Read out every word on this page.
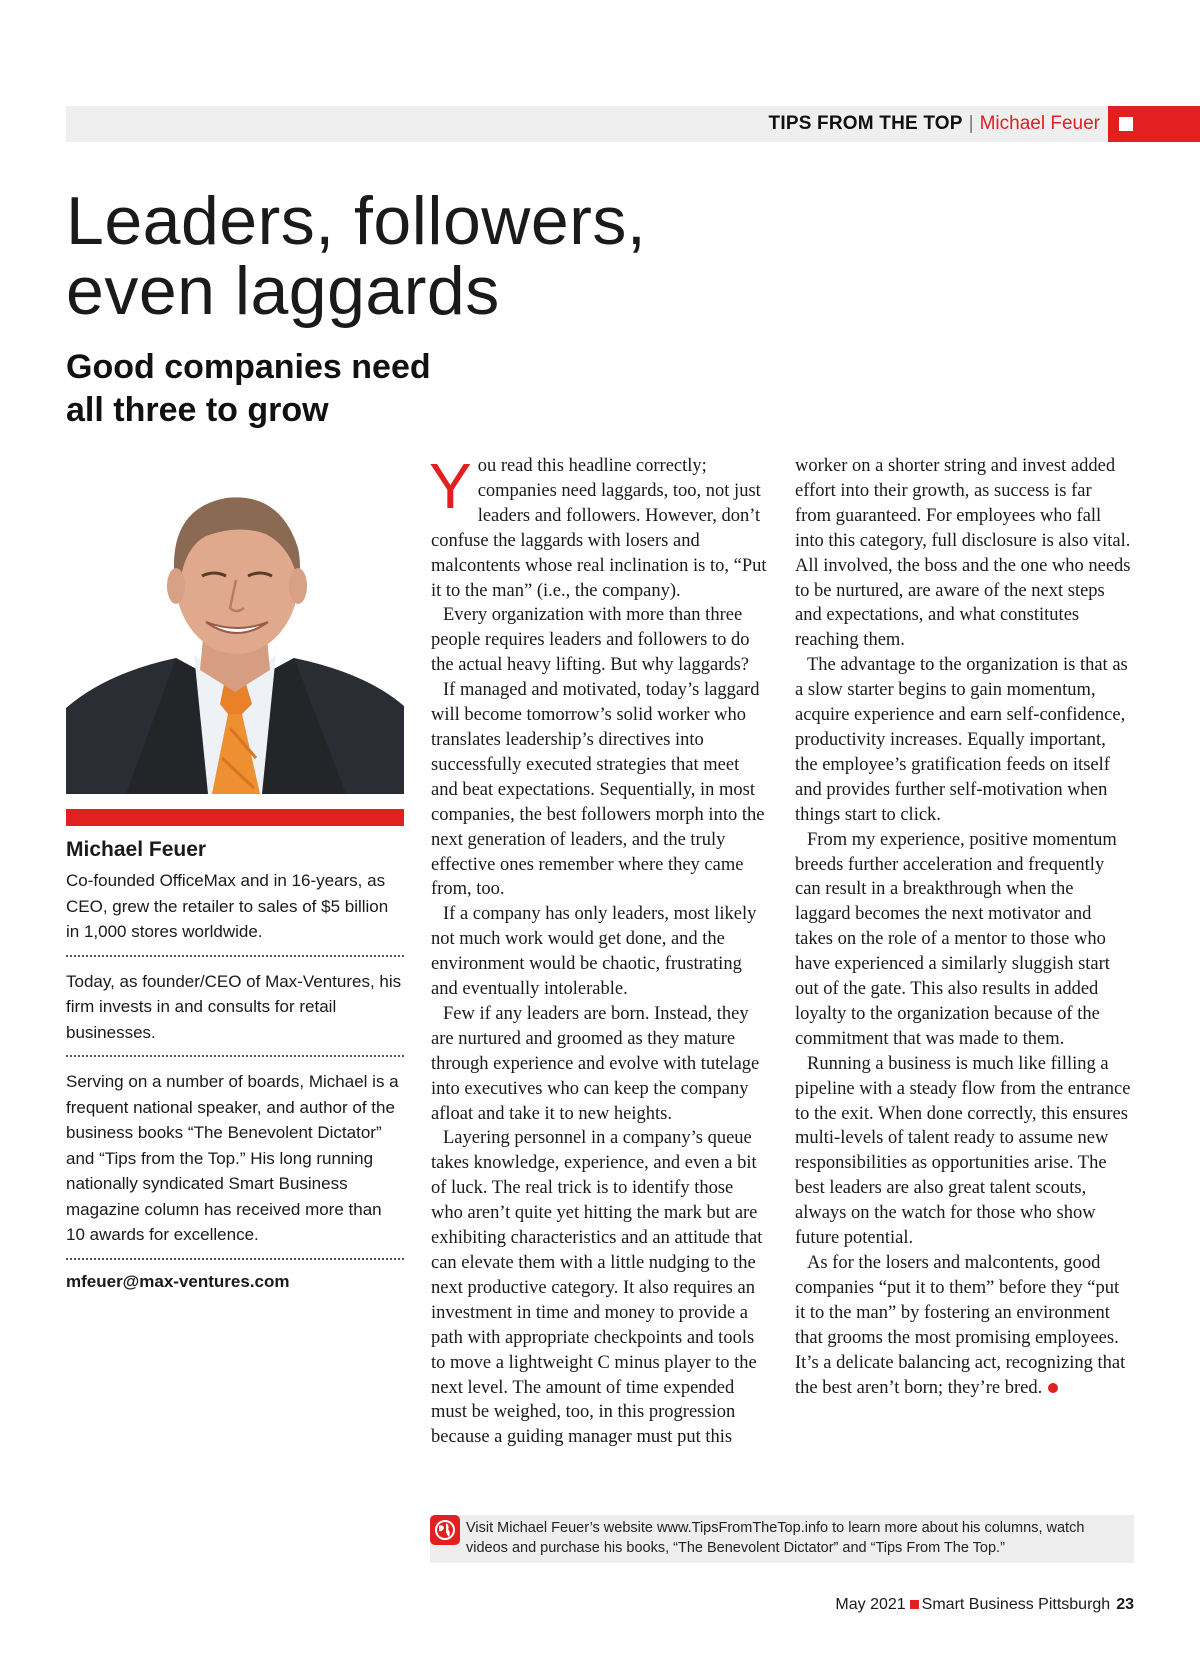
TIPS FROM THE TOP | Michael Feuer
Leaders, followers,
even laggards
Good companies need
all three to grow

Michael Feuer

Co-founded OfficeMax and in 16-years, as CEO, grew the retailer to sales of $5 billion in 1,000 stores worldwide.

Today, as founder/CEO of Max-Ventures, his firm invests in and consults for retail businesses.

Serving on a number of boards, Michael is a frequent national speaker, and author of the business books “The Benevolent Dictator” and “Tips from the Top.” His long running nationally syndicated Smart Business magazine column has received more than 10 awards for excellence.

mfeuer@max-ventures.com

You read this headline correctly; companies need laggards, too, not just leaders and followers. However, don’t confuse the laggards with losers and malcontents whose real inclination is to, “Put it to the man” (i.e., the company).

Every organization with more than three people requires leaders and followers to do the actual heavy lifting. But why laggards?

If managed and motivated, today’s laggard will become tomorrow’s solid worker who translates leadership’s directives into successfully executed strategies that meet and beat expectations. Sequentially, in most companies, the best followers morph into the next generation of leaders, and the truly effective ones remember where they came from, too.

If a company has only leaders, most likely not much work would get done, and the environment would be chaotic, frustrating and eventually intolerable.

Few if any leaders are born. Instead, they are nurtured and groomed as they mature through experience and evolve with tutelage into executives who can keep the company afloat and take it to new heights.

Layering personnel in a company’s queue takes knowledge, experience, and even a bit of luck. The real trick is to identify those who aren’t quite yet hitting the mark but are exhibiting characteristics and an attitude that can elevate them with a little nudging to the next productive category. It also requires an investment in time and money to provide a path with appropriate checkpoints and tools to move a lightweight C minus player to the next level. The amount of time expended must be weighed, too, in this progression because a guiding manager must put this

worker on a shorter string and invest added effort into their growth, as success is far from guaranteed. For employees who fall into this category, full disclosure is also vital. All involved, the boss and the one who needs to be nurtured, are aware of the next steps and expectations, and what constitutes reaching them.

The advantage to the organization is that as a slow starter begins to gain momentum, acquire experience and earn self-confidence, productivity increases. Equally important, the employee’s gratification feeds on itself and provides further self-motivation when things start to click.

From my experience, positive momentum breeds further acceleration and frequently can result in a breakthrough when the laggard becomes the next motivator and takes on the role of a mentor to those who have experienced a similarly sluggish start out of the gate. This also results in added loyalty to the organization because of the commitment that was made to them.

Running a business is much like filling a pipeline with a steady flow from the entrance to the exit. When done correctly, this ensures multi-levels of talent ready to assume new responsibilities as opportunities arise. The best leaders are also great talent scouts, always on the watch for those who show future potential.

As for the losers and malcontents, good companies “put it to them” before they “put it to the man” by fostering an environment that grooms the most promising employees. It’s a delicate balancing act, recognizing that the best aren’t born; they’re bred.

Visit Michael Feuer’s website www.TipsFromTheTop.info to learn more about his columns, watch videos and purchase his books, “The Benevolent Dictator” and “Tips From The Top.”
May 2021 Smart Business Pittsburgh 23
